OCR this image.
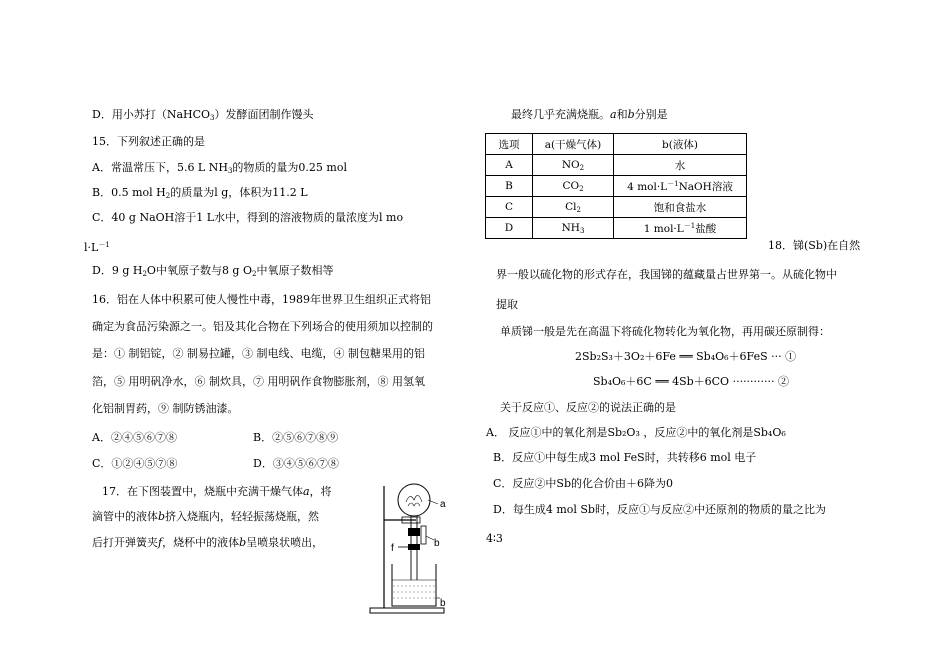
D．用小苏打（NaHCO$_3$）发酵面团制作馒头
15．下列叙述正确的是
A．常温常压下，5.6 L $NH_3$的物质的量为0.25 mol
B．0.5 mol $H_2$的质量为l g，体积为11.2 L
C．40 g NaOH溶于1 L水中，得到的溶液物质的量浓度为l mo
$l\cdot L^{-1}$
D．9 g $H_2O$中氧原子数与8 g $O_2$中氧原子数相等
16．铝在人体中积累可使人慢性中毒，1989年世界卫生组织正式将铝
确定为食品污染源之一。铝及其化合物在下列场合的使用须加以控制的
是：① 制铝锭，② 制易拉罐，③ 制电线、电缆，④ 制包糖果用的铝
箔，⑤ 用明矾净水，⑥ 制炊具，⑦ 用明矾作食物膨胀剂，⑧ 用氢氧
化铝制胃药，⑨ 制防锈油漆。
A．②④⑤⑥⑦⑧	B．②⑤⑥⑦⑧⑨
C．①②④⑤⑦⑧	D．③④⑤⑥⑦⑧
17．在下图装置中，烧瓶中充满干燥气体a，将
滴管中的液体b挤入烧瓶内，轻轻振荡烧瓶，然
后打开弹簧夹f，烧杯中的液体b呈喷泉状喷出，
a
b
f
b
最终几乎充满烧瓶。a和b分别是
选项	a(干燥气体)	b(液体)
A	$NO_2$	水
B	$CO_2$	4 $mol\cdot L^{-1}NaOH$溶液
C	$Cl_2$	饱和食盐水
D	$NH_3$	1 $mol\cdot L^{-1}$盐酸
18．锑(Sb)在自然
界一般以硫化物的形式存在，我国锑的蕴藏量占世界第一。从硫化物中
提取
单质锑一般是先在高温下将硫化物转化为氧化物，再用碳还原制得：
2Sb₂S₃＋3O₂＋6Fe ══ Sb₄O₆＋6FeS ··· ①
Sb₄O₆＋6C ══ 4Sb＋6CO ············ ②
关于反应①、反应②的说法正确的是
A． 反应①中的氧化剂是Sb₂O₃ ，反应②中的氧化剂是Sb₄O₆
B．反应①中每生成3 mol FeS时，共转移6 mol 电子
C．反应②中Sb的化合价由＋6降为0
D．每生成4 mol Sb时，反应①与反应②中还原剂的物质的量之比为
4∶3
